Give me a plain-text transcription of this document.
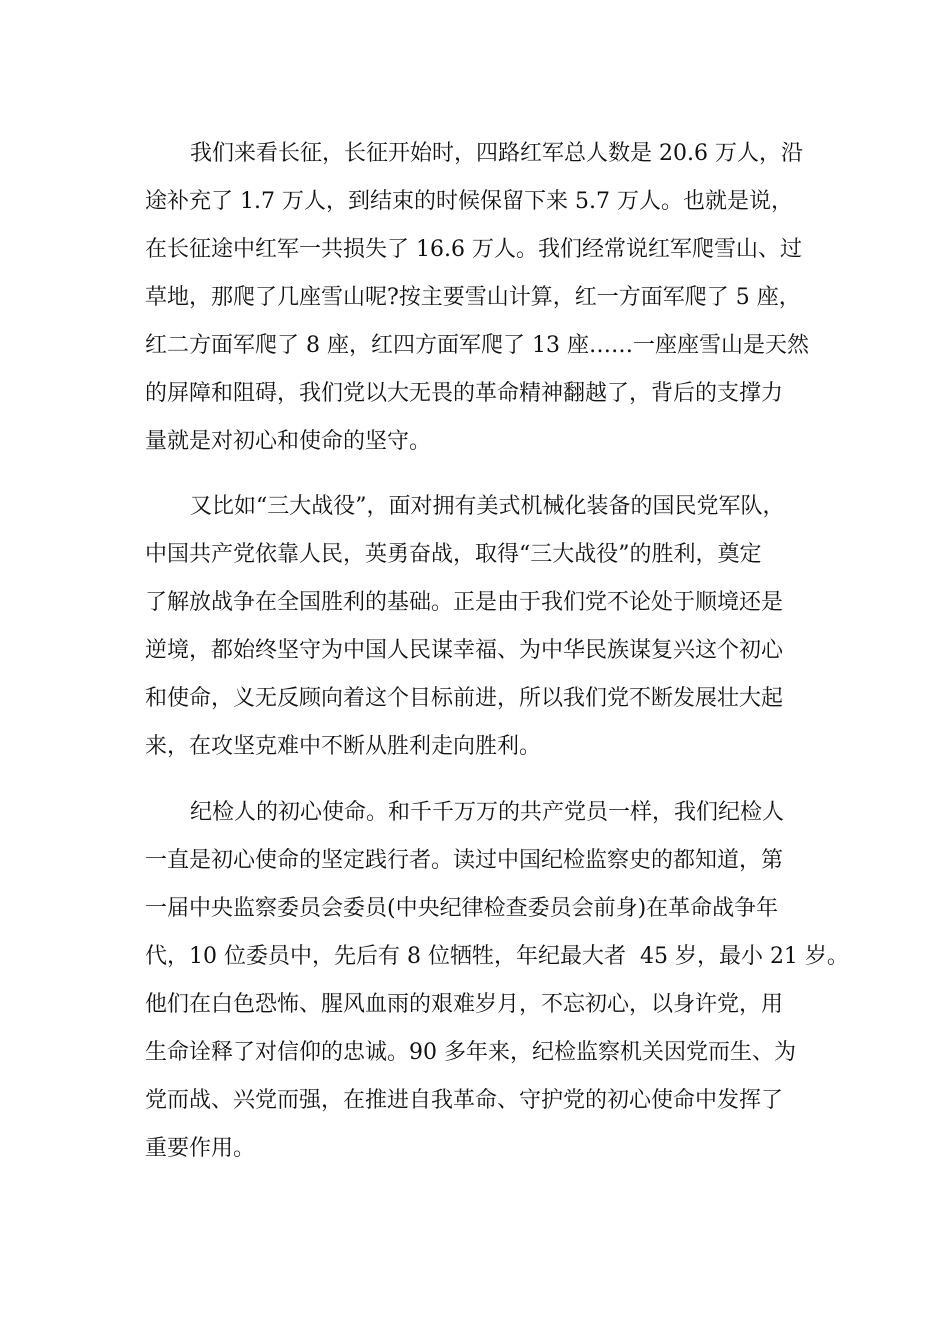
我们来看长征，长征开始时，四路红军总人数是 20.6 万人，沿
途补充了 1.7 万人，到结束的时候保留下来 5.7 万人。也就是说，
在长征途中红军一共损失了 16.6 万人。我们经常说红军爬雪山、过
草地，那爬了几座雪山呢?按主要雪山计算，红一方面军爬了 5 座，
红二方面军爬了 8 座，红四方面军爬了 13 座……一座座雪山是天然
的屏障和阻碍，我们党以大无畏的革命精神翻越了，背后的支撑力
量就是对初心和使命的坚守。
又比如“三大战役”，面对拥有美式机械化装备的国民党军队，
中国共产党依靠人民，英勇奋战，取得“三大战役”的胜利，奠定
了解放战争在全国胜利的基础。正是由于我们党不论处于顺境还是
逆境，都始终坚守为中国人民谋幸福、为中华民族谋复兴这个初心
和使命，义无反顾向着这个目标前进，所以我们党不断发展壮大起
来，在攻坚克难中不断从胜利走向胜利。
纪检人的初心使命。和千千万万的共产党员一样，我们纪检人
一直是初心使命的坚定践行者。读过中国纪检监察史的都知道，第
一届中央监察委员会委员(中央纪律检查委员会前身)在革命战争年
代，10 位委员中，先后有 8 位牺牲，年纪最大者  45 岁，最小 21 岁。
他们在白色恐怖、腥风血雨的艰难岁月，不忘初心，以身许党，用
生命诠释了对信仰的忠诚。90 多年来，纪检监察机关因党而生、为
党而战、兴党而强，在推进自我革命、守护党的初心使命中发挥了
重要作用。
